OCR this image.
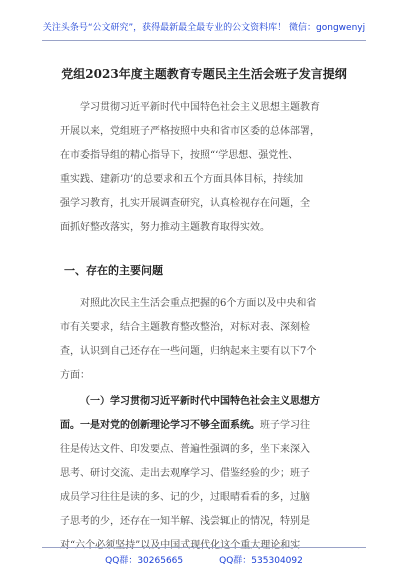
关注头条号“公文研究”，获得最新最全最专业的公文资料库！ 微信：gongwenyj
党组2023年度主题教育专题民主生活会班子发言提纲
学习贯彻习近平新时代中国特色社会主义思想主题教育
开展以来，党组班子严格按照中央和省市区委的总体部署，
在市委指导组的精心指导下，按照“‘学思想、强党性、
重实践、建新功’的总要求和五个方面具体目标，持续加
强学习教育，扎实开展调查研究，认真检视存在问题，全
面抓好整改落实，努力推动主题教育取得实效。
一、存在的主要问题
对照此次民主生活会重点把握的6个方面以及中央和省
市有关要求，结合主题教育整改整治，对标对表、深刻检
查，认识到自己还存在一些问题，归纳起来主要有以下7个
方面：
（一）学习贯彻习近平新时代中国特色社会主义思想方
面。一是对党的创新理论学习不够全面系统。班子学习往
往是传达文件、印发要点、普遍性强调的多，坐下来深入
思考、研讨交流、走出去观摩学习、借鉴经验的少；班子
成员学习往往是读的多、记的少，过眼晴看看的多，过脑
子思考的少，还存在一知半解、浅尝辄止的情况，特别是
对“六个必须坚持”以及中国式现代化这个重大理论和实
QQ群：30265665	QQ群：535304092
